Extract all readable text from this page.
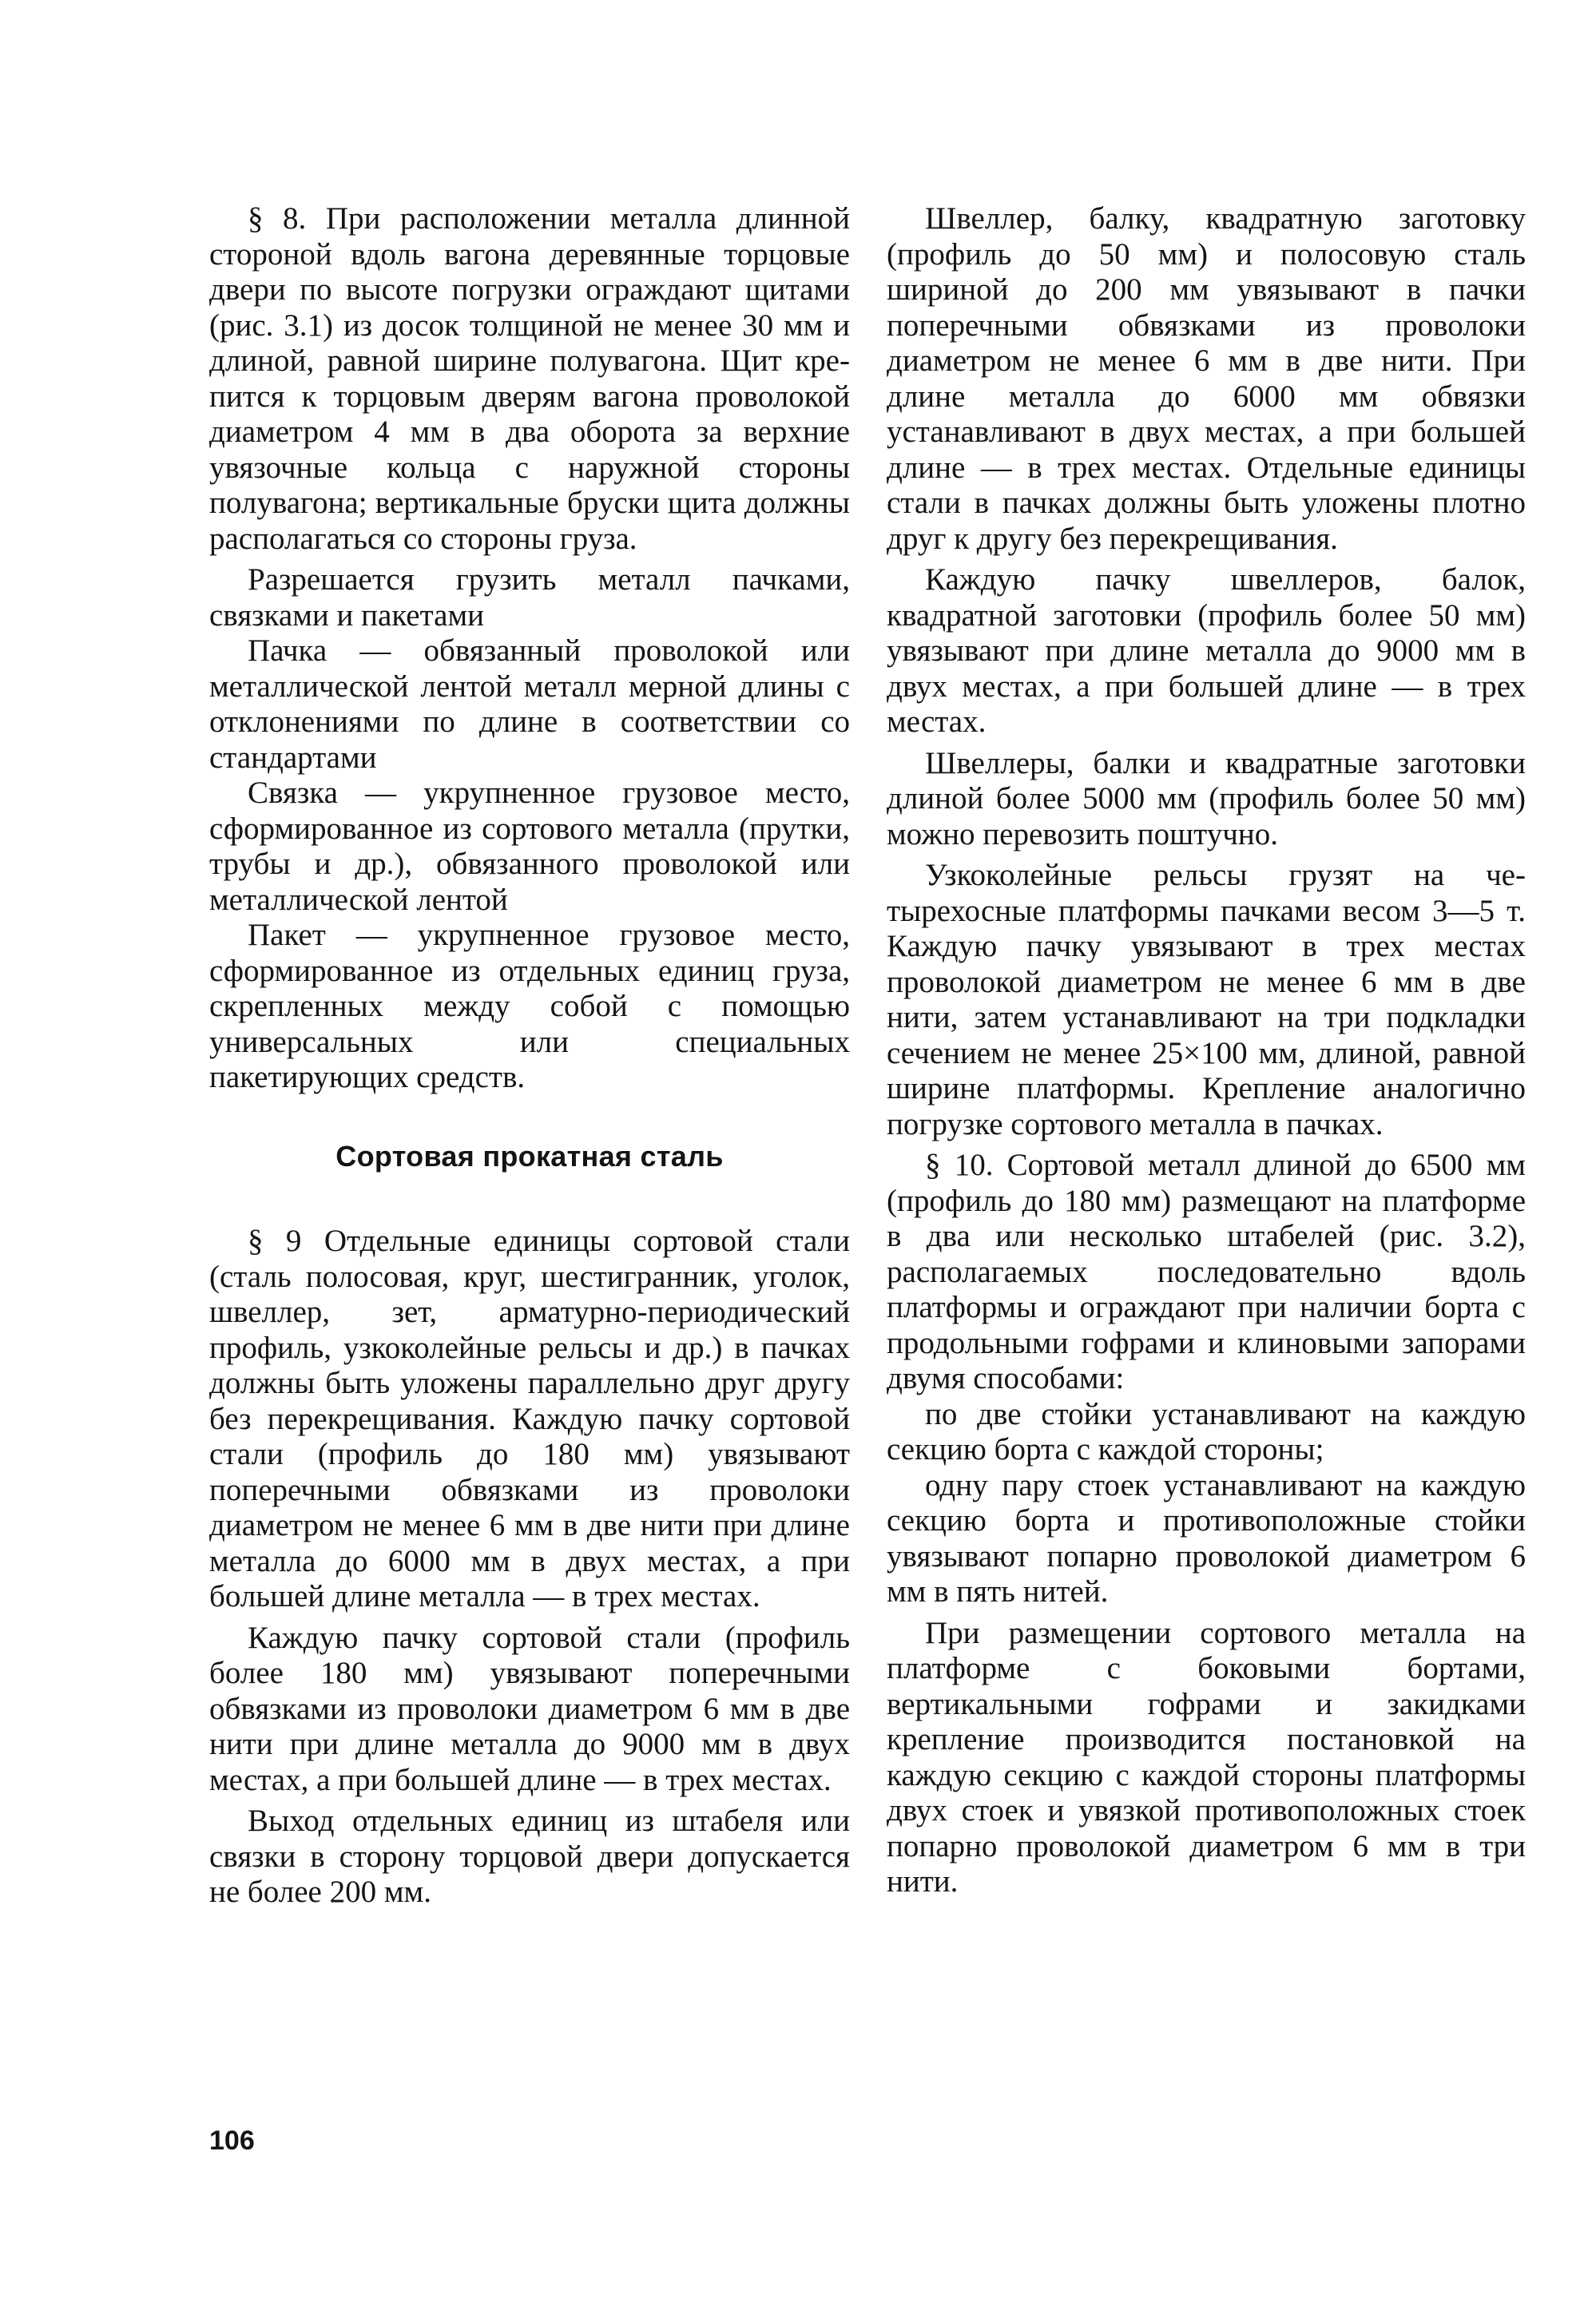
§ 8. При расположении металла длинной стороной вдоль вагона деревянные торцовые двери по высоте погрузки ограждают щитами (рис. 3.1) из досок толщиной не менее 30 мм и длиной, равной ширине полувагона. Щит крепится к торцовым дверям вагона проволокой диаметром 4 мм в два оборота за верхние увязочные кольца с наружной стороны полувагона; вертикальные бруски щита должны располагаться со стороны груза.

Разрешается грузить металл пачками, связками и пакетами

Пачка — обвязанный проволокой или металлической лентой металл мерной длины с отклонениями по длине в соответствии со стандартами

Связка — укрупненное грузовое место, сформированное из сортового металла (прутки, трубы и др.), обвязанного проволокой или металлической лентой

Пакет — укрупненное грузовое место, сформированное из отдельных единиц груза, скрепленных между собой с помощью универсальных или специальных пакетирующих средств.

Сортовая прокатная сталь

§ 9 Отдельные единицы сортовой стали (сталь полосовая, круг, шестигранник, уголок, швеллер, зет, арматурно-периодический профиль, узкоколейные рельсы и др.) в пачках должны быть уложены параллельно друг другу без перекрещивания. Каждую пачку сортовой стали (профиль до 180 мм) увязывают поперечными обвязками из проволоки диаметром не менее 6 мм в две нити при длине металла до 6000 мм в двух местах, а при большей длине металла — в трех местах.

Каждую пачку сортовой стали (профиль более 180 мм) увязывают поперечными обвязками из проволоки диаметром 6 мм в две нити при длине металла до 9000 мм в двух местах, а при большей длине — в трех местах.

Выход отдельных единиц из штабеля или связки в сторону торцовой двери допускается не более 200 мм.

Швеллер, балку, квадратную заготовку (профиль до 50 мм) и полосовую сталь шириной до 200 мм увязывают в пачки поперечными обвязками из проволоки диаметром не менее 6 мм в две нити. При длине металла до 6000 мм обвязки устанавливают в двух местах, а при большей длине — в трех местах. Отдельные единицы стали в пачках должны быть уложены плотно друг к другу без перекрещивания.

Каждую пачку швеллеров, балок, квадратной заготовки (профиль более 50 мм) увязывают при длине металла до 9000 мм в двух местах, а при большей длине — в трех местах.

Швеллеры, балки и квадратные заготовки длиной более 5000 мм (профиль более 50 мм) можно перевозить поштучно.

Узкоколейные рельсы грузят на четырехосные платформы пачками весом 3—5 т. Каждую пачку увязывают в трех местах проволокой диаметром не менее 6 мм в две нити, затем устанавливают на три подкладки сечением не менее 25×100 мм, длиной, равной ширине платформы. Крепление аналогично погрузке сортового металла в пачках.

§ 10. Сортовой металл длиной до 6500 мм (профиль до 180 мм) размещают на платформе в два или несколько штабелей (рис. 3.2), располагаемых последовательно вдоль платформы и ограждают при наличии борта с продольными гофрами и клиновыми запорами двумя способами:

по две стойки устанавливают на каждую секцию борта с каждой стороны;

одну пару стоек устанавливают на каждую секцию борта и противоположные стойки увязывают попарно проволокой диаметром 6 мм в пять нитей.

При размещении сортового металла на платформе с боковыми бортами, вертикальными гофрами и закидками крепление производится постановкой на каждую секцию с каждой стороны платформы двух стоек и увязкой противоположных стоек попарно проволокой диаметром 6 мм в три нити.

106
